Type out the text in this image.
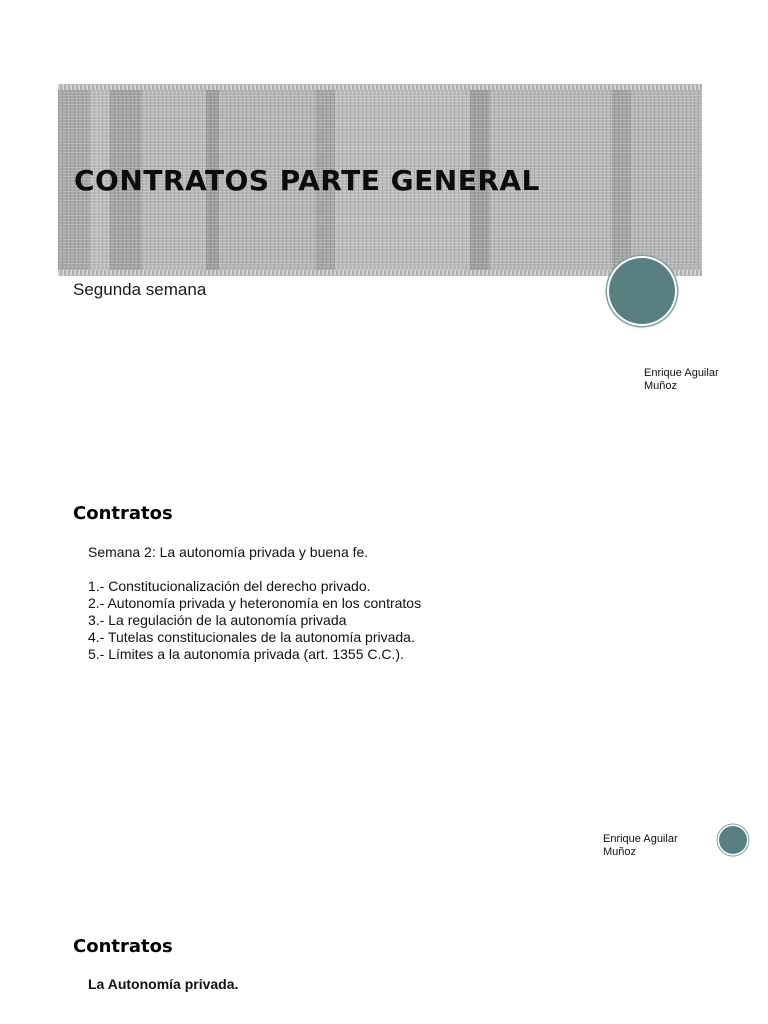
CONTRATOS PARTE GENERAL

Segunda semana

Enrique Aguilar
Muñoz

Contratos

Semana 2: La autonomía privada y buena fe.

1.- Constitucionalización del derecho privado.
2.- Autonomía privada y heteronomía en los contratos
3.- La regulación de la autonomía privada
4.- Tutelas constitucionales de la autonomía privada.
5.- Límites a la autonomía privada (art. 1355 C.C.).

Enrique Aguilar
Muñoz

Contratos

La Autonomía privada.
